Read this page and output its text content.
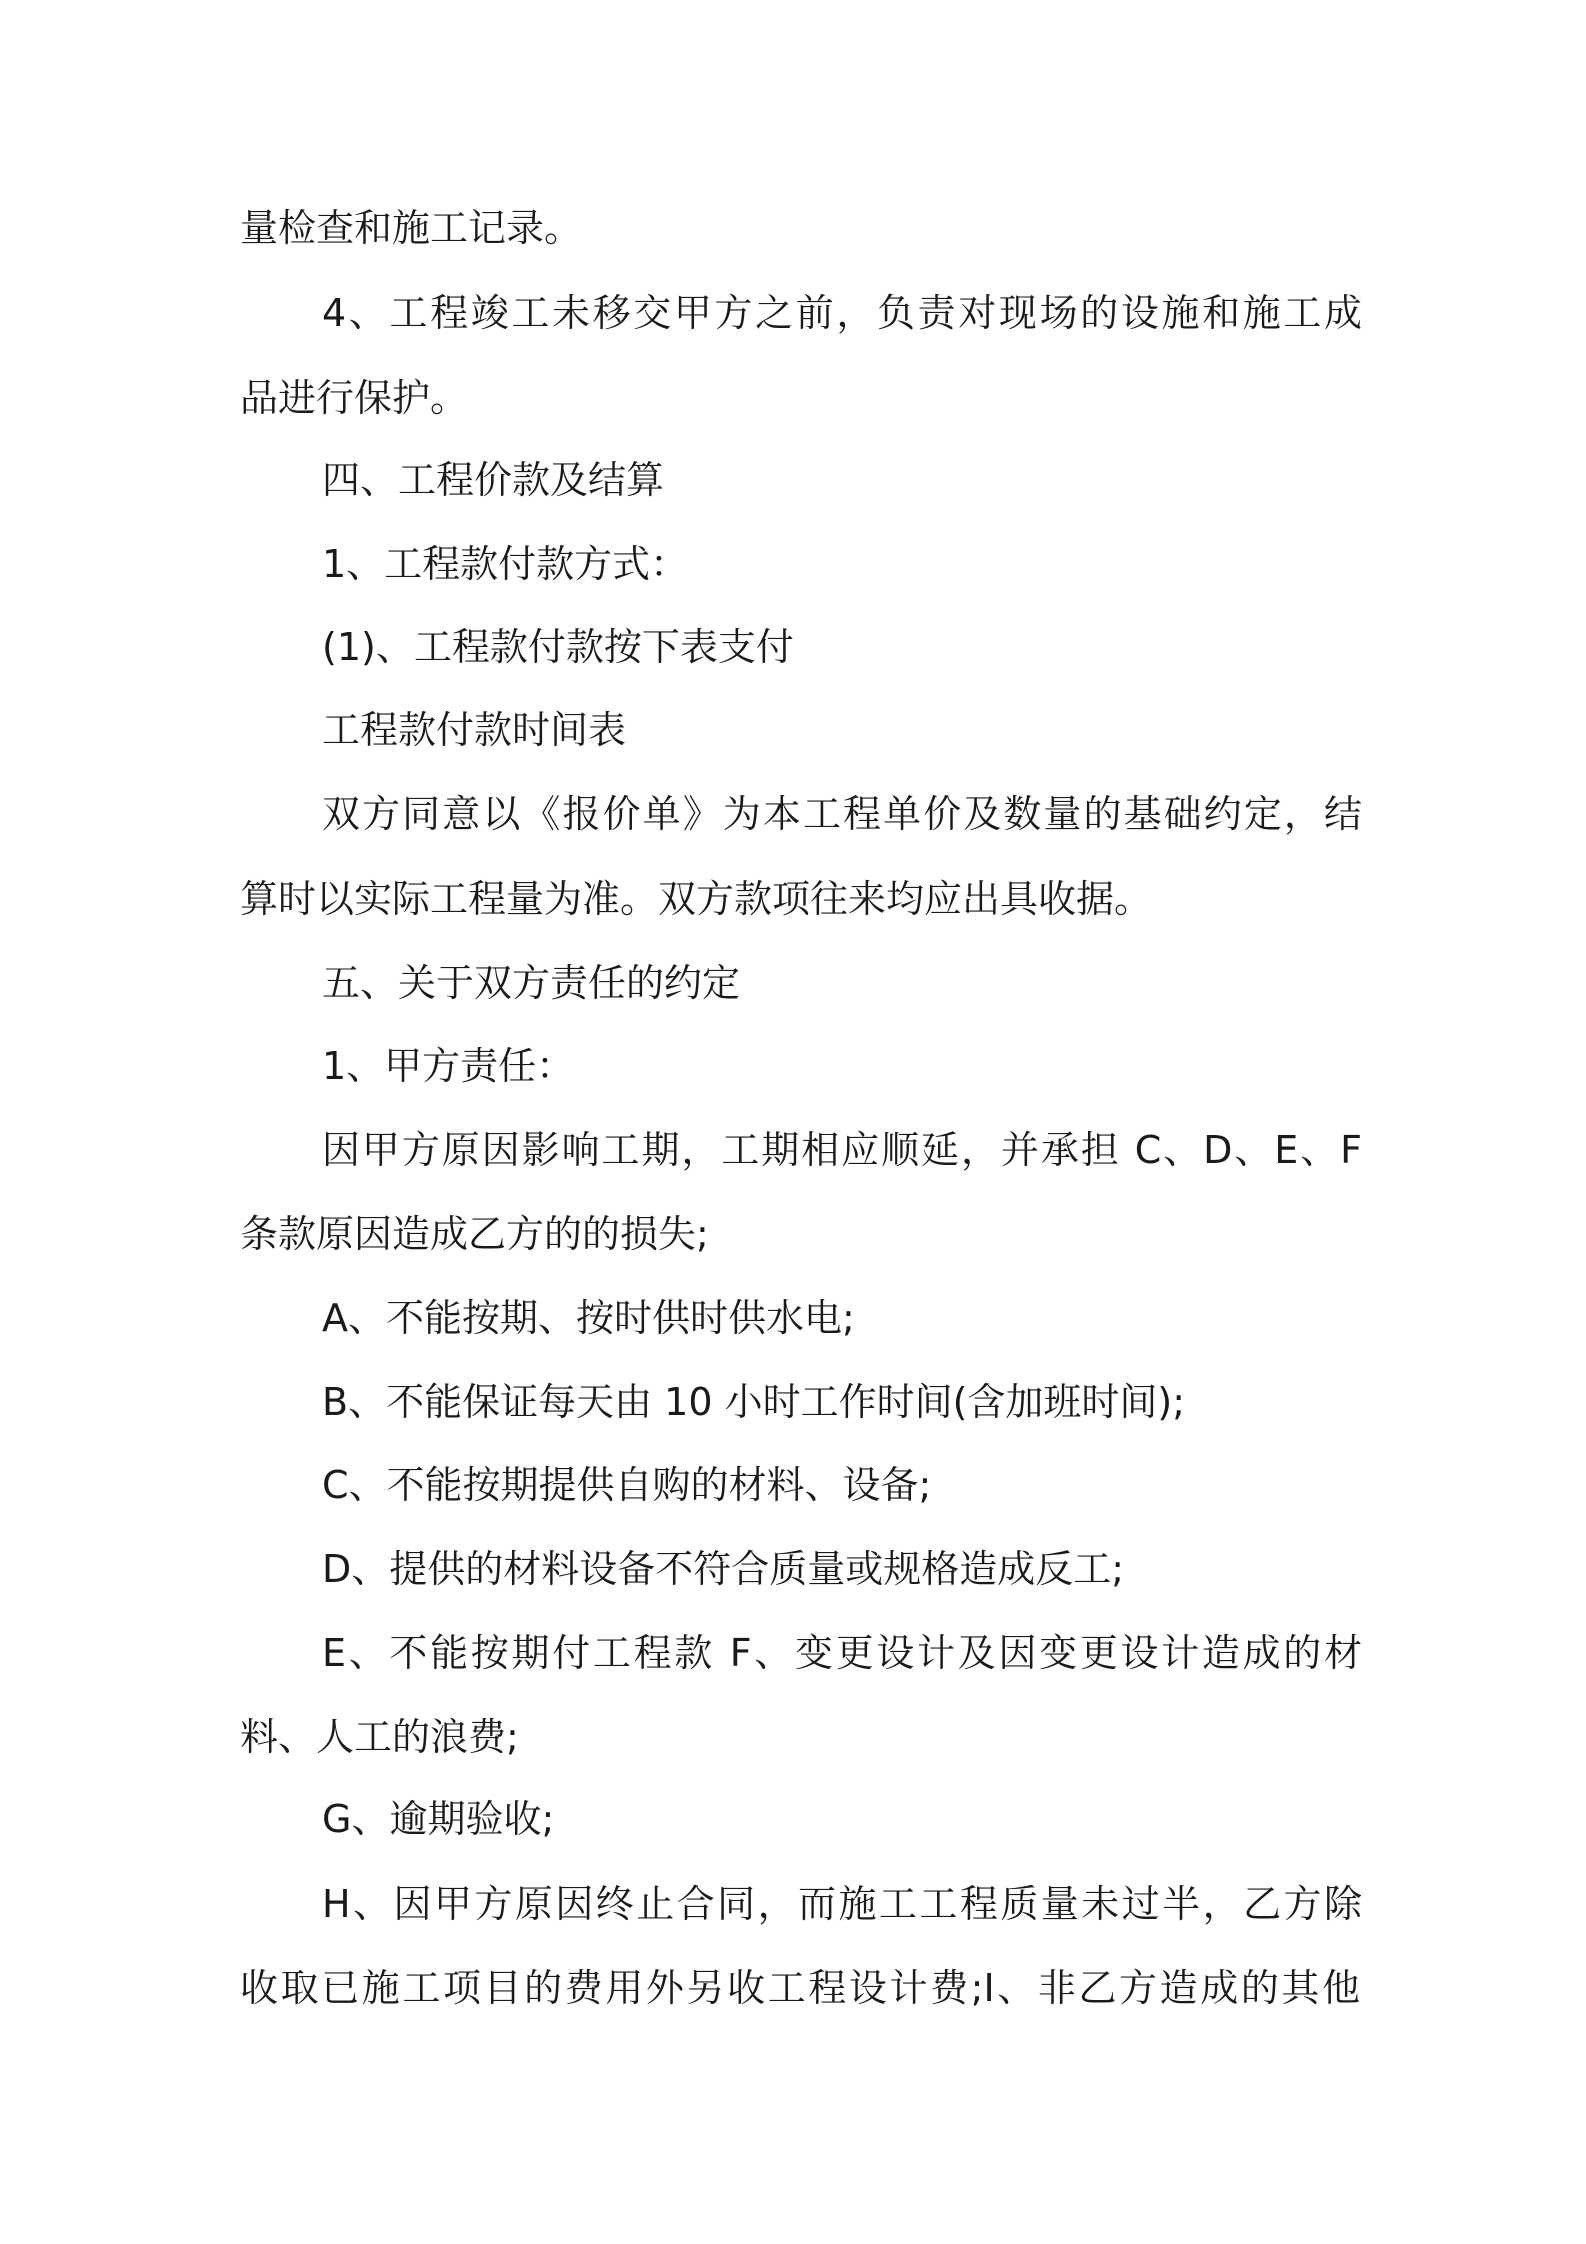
量检查和施工记录。
4、工程竣工未移交甲方之前，负责对现场的设施和施工成
品进行保护。
四、工程价款及结算
1、工程款付款方式：
(1)、工程款付款按下表支付
工程款付款时间表
双方同意以《报价单》为本工程单价及数量的基础约定，结
算时以实际工程量为准。双方款项往来均应出具收据。
五、关于双方责任的约定
1、甲方责任：
因甲方原因影响工期，工期相应顺延，并承担 C、D、E、F
条款原因造成乙方的的损失;
A、不能按期、按时供时供水电;
B、不能保证每天由 10 小时工作时间(含加班时间);
C、不能按期提供自购的材料、设备;
D、提供的材料设备不符合质量或规格造成反工;
E、不能按期付工程款 F、变更设计及因变更设计造成的材
料、人工的浪费;
G、逾期验收;
H、因甲方原因终止合同，而施工工程质量未过半，乙方除
收取已施工项目的费用外另收工程设计费;I、非乙方造成的其他
